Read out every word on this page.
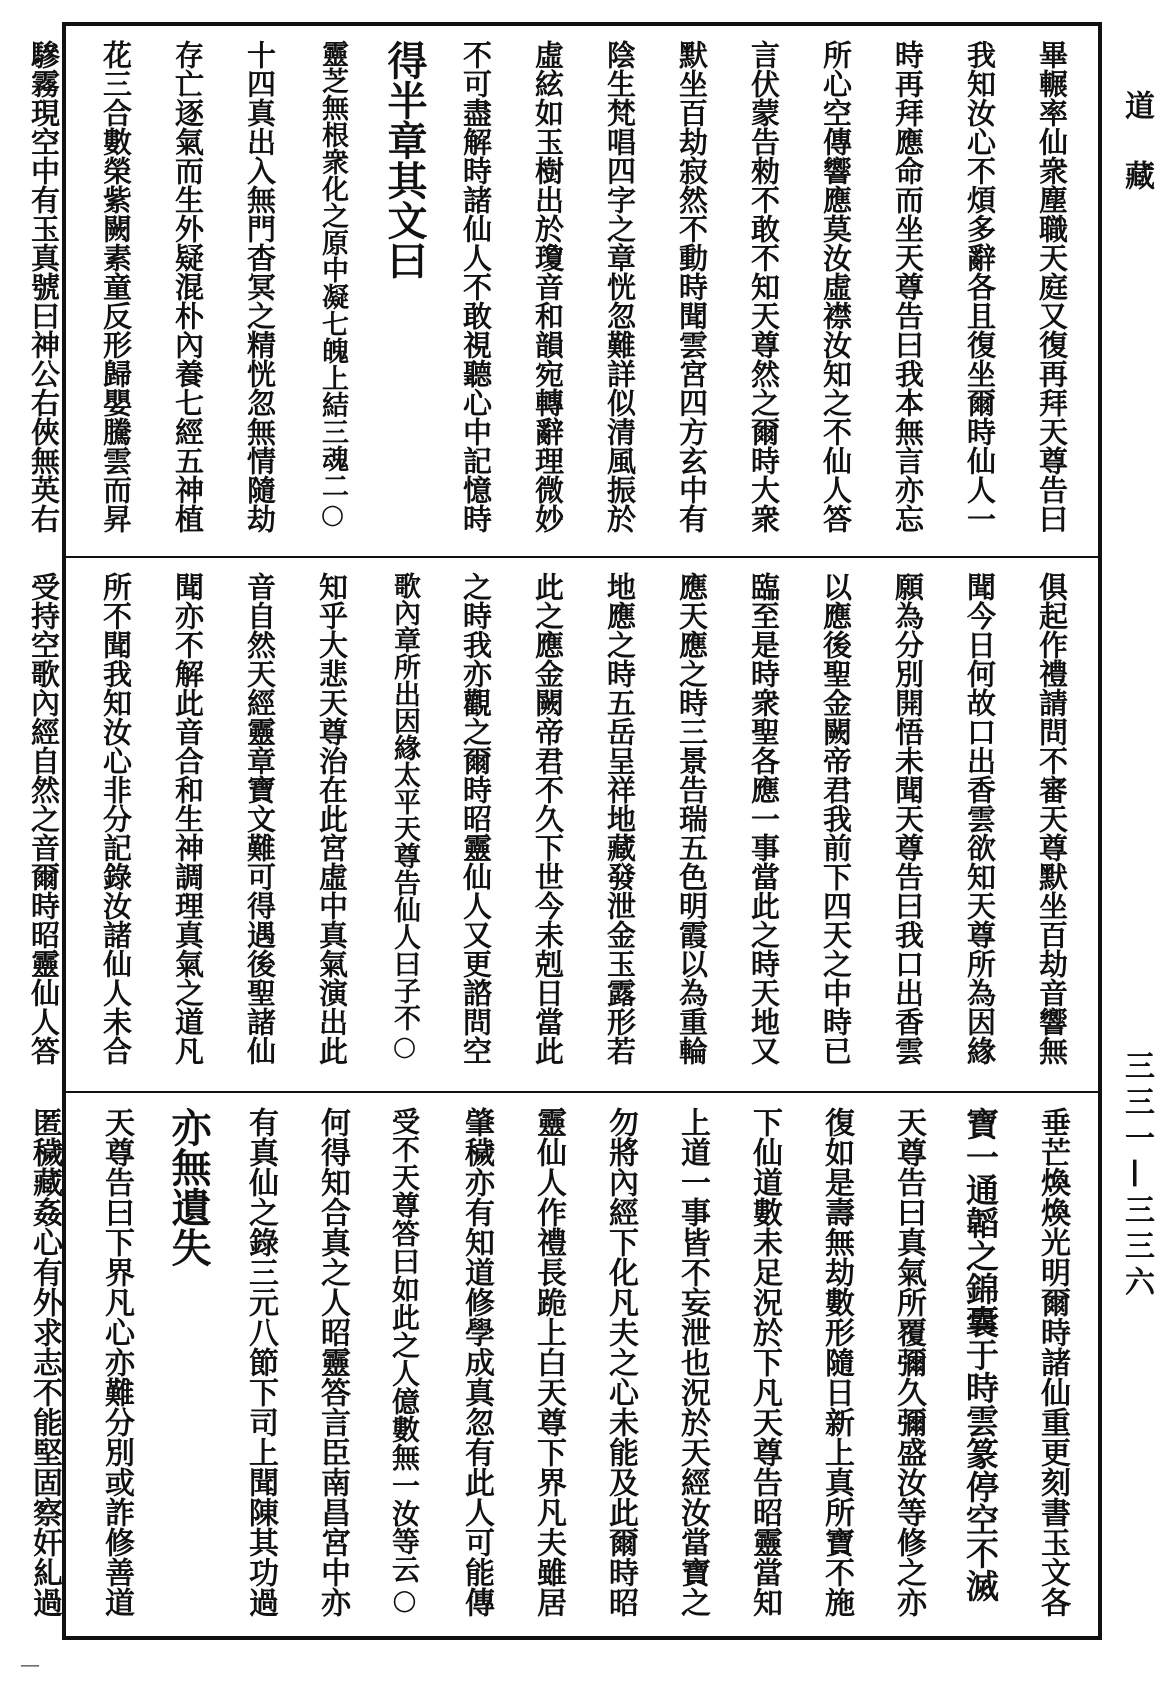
畢輾率仙衆塵職天庭又復再拜天尊告曰
我知汝心不煩多辭各且復坐爾時仙人一
時再拜應命而坐天尊告曰我本無言亦忘
所心空傳響應莫汝虛襟汝知之不仙人答
言伏蒙告勑不敢不知天尊然之爾時大衆
默坐百劫寂然不動時聞雲宮四方玄中有
陰生梵唱四字之章恍忽難詳似清風振於
虛絃如玉樹出於瓊音和韻宛轉辭理微妙
不可盡解時諸仙人不敢視聽心中記憶時
得半章其文曰
靈芝無根衆化之原中凝七魄上結三魂二○
十四真出入無門杳冥之精恍忽無情隨劫
存亡逐氣而生外疑混朴內養七經五神植
花三合數榮紫闕素童反形歸嬰騰雲而昇
驂霧現空中有玉真號曰神公右俠無英右
俱起作禮請問不審天尊默坐百劫音響無
聞今日何故口出香雲欲知天尊所為因緣
願為分別開悟未聞天尊告曰我口出香雲
以應後聖金闕帝君我前下四天之中時已
臨至是時衆聖各應一事當此之時天地又
應天應之時三景告瑞五色明霞以為重輪
地應之時五岳呈祥地藏發泄金玉露形若
此之應金闕帝君不久下世今未剋日當此
之時我亦觀之爾時昭靈仙人又更諮問空
歌內章所出因緣太平天尊告仙人曰子不○
知乎大悲天尊治在此宮虛中真氣演出此
音自然天經靈章寶文難可得遇後聖諸仙
聞亦不解此音合和生神調理真氣之道凡
所不聞我知汝心非分記錄汝諸仙人未合
受持空歌內經自然之音爾時昭靈仙人答
垂芒煥煥光明爾時諸仙重更刻書玉文各
寶一通韜之錦囊于時雲篆停空不滅
天尊告曰真氣所覆彌久彌盛汝等修之亦
復如是壽無劫數形隨日新上真所寶不施
下仙道數未足況於下凡天尊告昭靈當知
上道一事皆不妄泄也況於天經汝當寶之
勿將內經下化凡夫之心未能及此爾時昭
靈仙人作禮長跪上白天尊下界凡夫雖居
肇穢亦有知道修學成真忽有此人可能傳
受不天尊答曰如此之人億數無一汝等云○
何得知合真之人昭靈答言臣南昌宮中亦
有真仙之錄三元八節下司上聞陳其功過
亦無遺失
天尊告曰下界凡心亦難分別或詐修善道
匿穢藏姦心有外求志不能堅固察奸糺過
道藏
三三一—三三六
—
